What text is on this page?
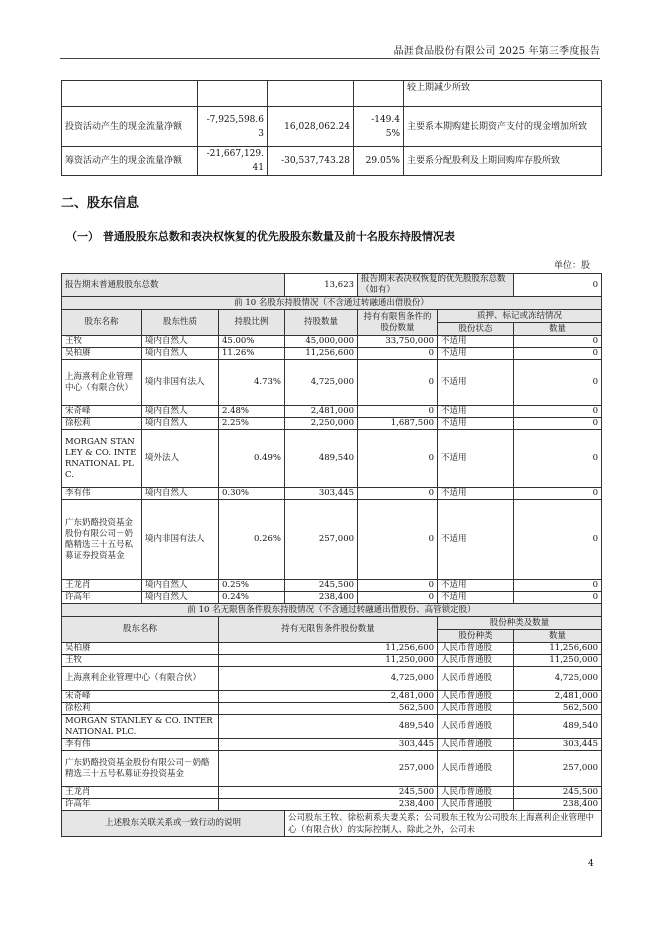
晶涯食品股份有限公司 2025 年第三季度报告
				较上期减少所致
投资活动产生的现金流量净额	-7,925,598.63	16,028,062.24	-149.45%	主要系本期购建长期资产支付的现金增加所致
筹资活动产生的现金流量净额	-21,667,129.41	-30,537,743.28	29.05%	主要系分配股利及上期回购库存股所致
二、股东信息
（一） 普通股股东总数和表决权恢复的优先股股东数量及前十名股东持股情况表
单位：股
报告期末普通股股东总数			13,623	报告期末表决权恢复的优先股股东总数（如有）		0
前 10 名股东持股情况（不含通过转融通出借股份）						
股东名称	股东性质	持股比例	持股数量	持有有限售条件的股份数量	质押、标记或冻结情况	
					股份状态	数量
王牧	境内自然人	45.00%	45,000,000	33,750,000	不适用	0
吴柏赓	境内自然人	11.26%	11,256,600	0	不适用	0
上海熹利企业管理中心（有限合伙）	境内非国有法人	4.73%	4,725,000	0	不适用	0
宋奇峰	境内自然人	2.48%	2,481,000	0	不适用	0
徐松莉	境内自然人	2.25%	2,250,000	1,687,500	不适用	0
MORGAN STANLEY & CO. INTERNATIONAL PLC.	境外法人	0.49%	489,540	0	不适用	0
李有伟	境内自然人	0.30%	303,445	0	不适用	0
广东奶酪投资基金股份有限公司－奶酪精选三十五号私募证券投资基金	境内非国有法人	0.26%	257,000	0	不适用	0
王龙肖	境内自然人	0.25%	245,500	0	不适用	0
许高年	境内自然人	0.24%	238,400	0	不适用	0
前 10 名无限售条件股东持股情况（不含通过转融通出借股份、高管锁定股）						
股东名称		持有无限售条件股份数量			股份种类及数量	
					股份种类	数量
吴柏赓		11,256,600			人民币普通股	11,256,600
王牧		11,250,000			人民币普通股	11,250,000
上海熹利企业管理中心（有限合伙）		4,725,000			人民币普通股	4,725,000
宋奇峰		2,481,000			人民币普通股	2,481,000
徐松莉		562,500			人民币普通股	562,500
MORGAN STANLEY & CO. INTERNATIONAL PLC.		489,540			人民币普通股	489,540
李有伟		303,445			人民币普通股	303,445
广东奶酪投资基金股份有限公司－奶酪精选三十五号私募证券投资基金		257,000			人民币普通股	257,000
王龙肖		245,500			人民币普通股	245,500
许高年		238,400			人民币普通股	238,400
上述股东关联关系或一致行动的说明			公司股东王牧、徐松莉系夫妻关系；公司股东王牧为公司股东上海熹利企业管理中心（有限合伙）的实际控制人、除此之外，公司未			
4
